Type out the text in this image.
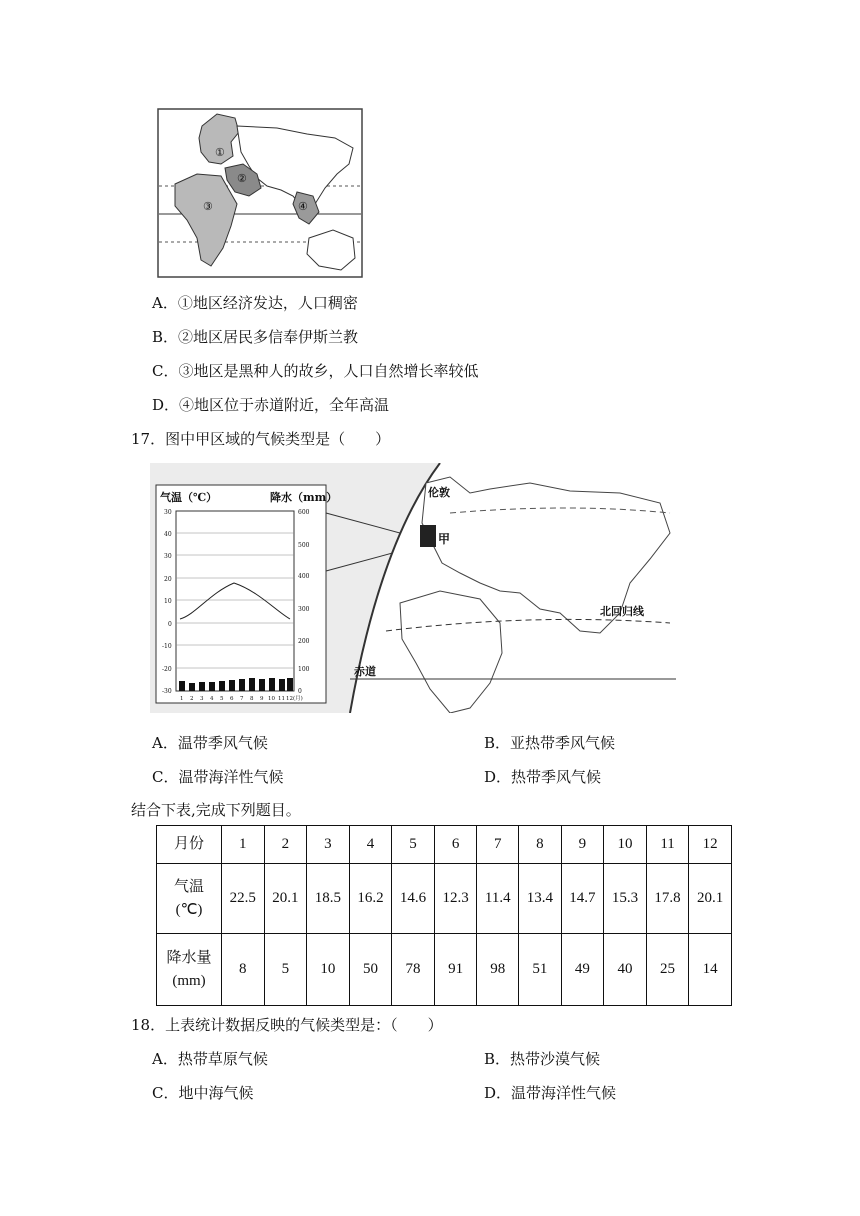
①
②
③	④
A．①地区经济发达，人口稠密
B．②地区居民多信奉伊斯兰教
C．③地区是黑种人的故乡，人口自然增长率较低
D．④地区位于赤道附近，全年高温
17．图中甲区域的气候类型是（　　）
气温（℃）	降水（mm）
30
40
30
20
10
0
-10
-20
-30
600
500
400
300
200
100
0
1 2 3 4 5 6 7 8 9 10 11 12(月)
伦敦
甲
北回归线
赤道
A．温带季风气候	B．亚热带季风气候
C．温带海洋性气候	D．热带季风气候
结合下表,完成下列题目。
月份	1	2	3	4	5	6	7	8	9	10	11	12

气温
(℃)	22.5	20.1	18.5	16.2	14.6	12.3	11.4	13.4	14.7	15.3	17.8	20.1

降水量
(mm)	8	5	10	50	78	91	98	51	49	40	25	14
18．上表统计数据反映的气候类型是：（　　）
A．热带草原气候	B．热带沙漠气候
C．地中海气候	D．温带海洋性气候
